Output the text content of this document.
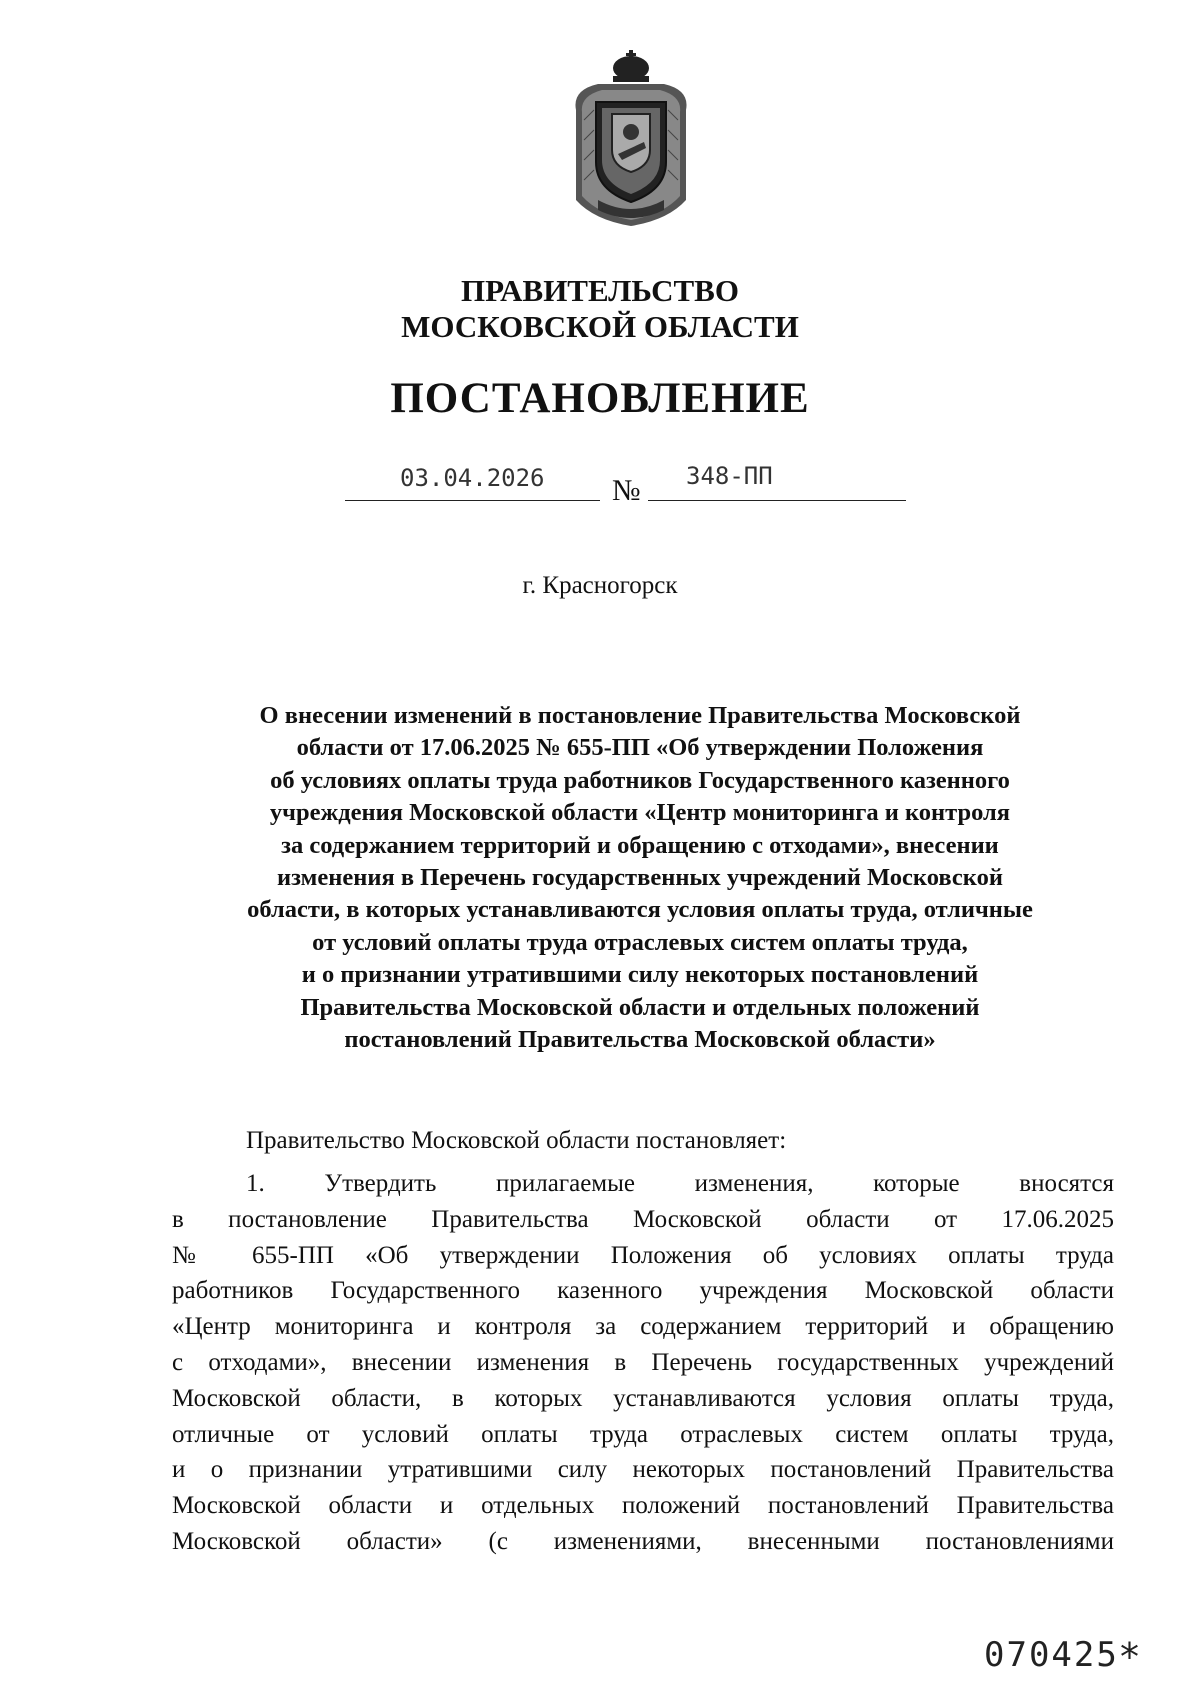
ПРАВИТЕЛЬСТВО
МОСКОВСКОЙ ОБЛАСТИ
ПОСТАНОВЛЕНИЕ
03.04.2026 № 348-ПП
г. Красногорск
О внесении изменений в постановление Правительства Московской
области от 17.06.2025 № 655-ПП «Об утверждении Положения
об условиях оплаты труда работников Государственного казенного
учреждения Московской области «Центр мониторинга и контроля
за содержанием территорий и обращению с отходами», внесении
изменения в Перечень государственных учреждений Московской
области, в которых устанавливаются условия оплаты труда, отличные
от условий оплаты труда отраслевых систем оплаты труда,
и о признании утратившими силу некоторых постановлений
Правительства Московской области и отдельных положений
постановлений Правительства Московской области»
Правительство Московской области постановляет:
1. Утвердить прилагаемые изменения, которые вносятся
в постановление Правительства Московской области от 17.06.2025
№ 655-ПП «Об утверждении Положения об условиях оплаты труда
работников Государственного казенного учреждения Московской области
«Центр мониторинга и контроля за содержанием территорий и обращению
с отходами», внесении изменения в Перечень государственных учреждений
Московской области, в которых устанавливаются условия оплаты труда,
отличные от условий оплаты труда отраслевых систем оплаты труда,
и о признании утратившими силу некоторых постановлений Правительства
Московской области и отдельных положений постановлений Правительства
Московской области» (с изменениями, внесенными постановлениями
070425 *
